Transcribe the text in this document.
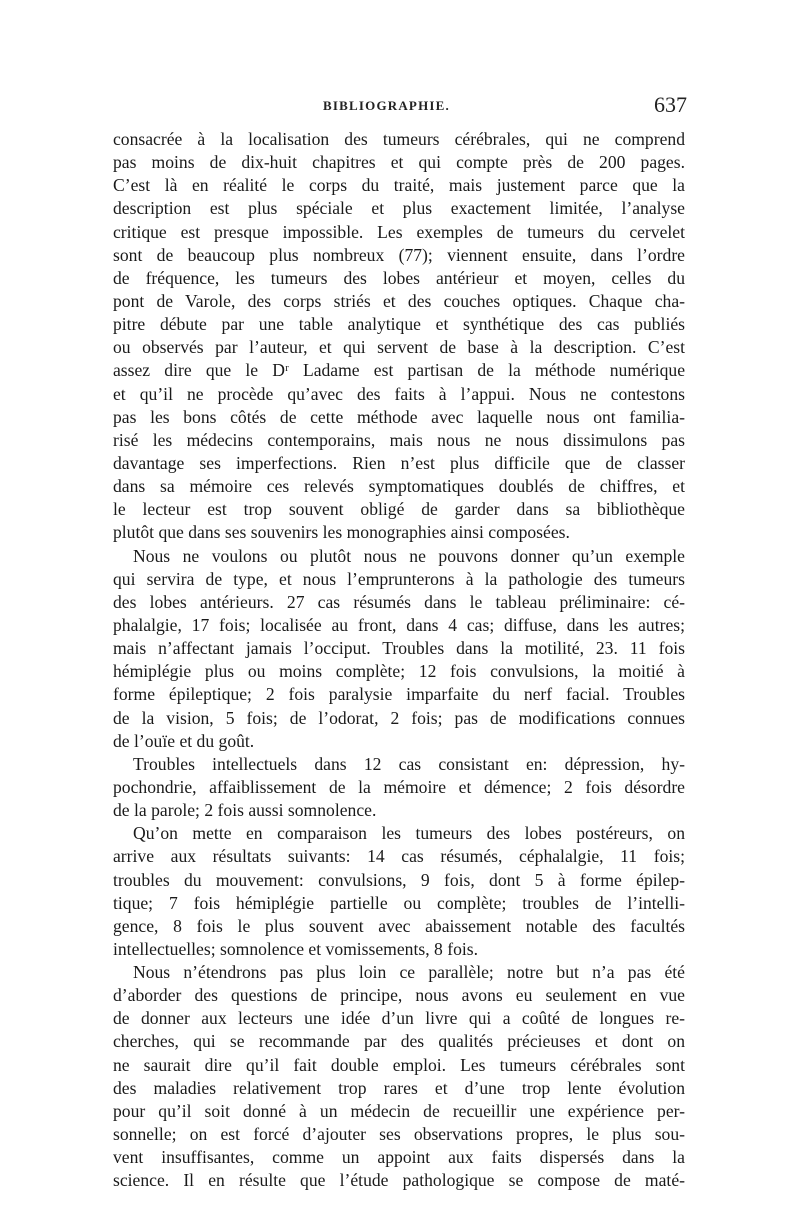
BIBLIOGRAPHIE.	637
consacrée à la localisation des tumeurs cérébrales, qui ne comprend
pas moins de dix-huit chapitres et qui compte près de 200 pages.
C’est là en réalité le corps du traité, mais justement parce que la
description est plus spéciale et plus exactement limitée, l’analyse
critique est presque impossible. Les exemples de tumeurs du cervelet
sont de beaucoup plus nombreux (77); viennent ensuite, dans l’ordre
de fréquence, les tumeurs des lobes antérieur et moyen, celles du
pont de Varole, des corps striés et des couches optiques. Chaque cha-
pitre débute par une table analytique et synthétique des cas publiés
ou observés par l’auteur, et qui servent de base à la description. C’est
assez dire que le Dʳ Ladame est partisan de la méthode numérique
et qu’il ne procède qu’avec des faits à l’appui. Nous ne contestons
pas les bons côtés de cette méthode avec laquelle nous ont familia-
risé les médecins contemporains, mais nous ne nous dissimulons pas
davantage ses imperfections. Rien n’est plus difficile que de classer
dans sa mémoire ces relevés symptomatiques doublés de chiffres, et
le lecteur est trop souvent obligé de garder dans sa bibliothèque
plutôt que dans ses souvenirs les monographies ainsi composées.
Nous ne voulons ou plutôt nous ne pouvons donner qu’un exemple
qui servira de type, et nous l’emprunterons à la pathologie des tumeurs
des lobes antérieurs. 27 cas résumés dans le tableau préliminaire: cé-
phalalgie, 17 fois; localisée au front, dans 4 cas; diffuse, dans les autres;
mais n’affectant jamais l’occiput. Troubles dans la motilité, 23. 11 fois
hémiplégie plus ou moins complète; 12 fois convulsions, la moitié à
forme épileptique; 2 fois paralysie imparfaite du nerf facial. Troubles
de la vision, 5 fois; de l’odorat, 2 fois; pas de modifications connues
de l’ouïe et du goût.
Troubles intellectuels dans 12 cas consistant en: dépression, hy-
pochondrie, affaiblissement de la mémoire et démence; 2 fois désordre
de la parole; 2 fois aussi somnolence.
Qu’on mette en comparaison les tumeurs des lobes postéreurs, on
arrive aux résultats suivants: 14 cas résumés, céphalalgie, 11 fois;
troubles du mouvement: convulsions, 9 fois, dont 5 à forme épilep-
tique; 7 fois hémiplégie partielle ou complète; troubles de l’intelli-
gence, 8 fois le plus souvent avec abaissement notable des facultés
intellectuelles; somnolence et vomissements, 8 fois.
Nous n’étendrons pas plus loin ce parallèle; notre but n’a pas été
d’aborder des questions de principe, nous avons eu seulement en vue
de donner aux lecteurs une idée d’un livre qui a coûté de longues re-
cherches, qui se recommande par des qualités précieuses et dont on
ne saurait dire qu’il fait double emploi. Les tumeurs cérébrales sont
des maladies relativement trop rares et d’une trop lente évolution
pour qu’il soit donné à un médecin de recueillir une expérience per-
sonnelle; on est forcé d’ajouter ses observations propres, le plus sou-
vent insuffisantes, comme un appoint aux faits dispersés dans la
science. Il en résulte que l’étude pathologique se compose de maté-
